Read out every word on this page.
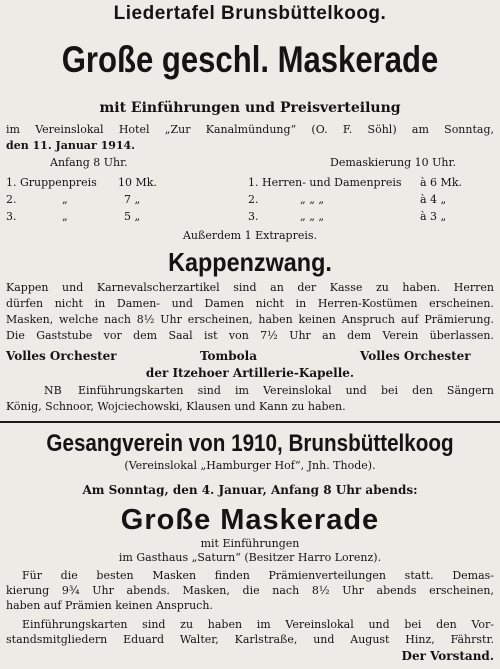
Liedertafel Brunsbüttelkoog.
Große geschl. Maskerade
mit Einführungen und Preisverteilung
im Vereinslokal Hotel „Zur Kanalmündung“ (O. F. Söhl) am Sonntag,
den 11. Januar 1914.
Anfang 8 Uhr.	Demaskierung 10 Uhr.
1. Gruppenpreis 10 Mk.
2.	„	7 „
3.	„	5 „
1. Herren- und Damenpreis à 6 Mk.
2.	„ „ „	à 4 „
3.	„ „ „	à 3 „
Außerdem 1 Extrapreis.
Kappenzwang.
Kappen und Karnevalscherzartikel sind an der Kasse zu haben. Herren
dürfen nicht in Damen- und Damen nicht in Herren-Kostümen erscheinen.
Masken, welche nach 8½ Uhr erscheinen, haben keinen Anspruch auf Prämierung.
Die Gaststube vor dem Saal ist von 7½ Uhr an dem Verein überlassen.
Volles Orchester	Tombola	Volles Orchester
der Itzehoer Artillerie-Kapelle.
NB Einführungskarten sind im Vereinslokal und bei den Sängern
König, Schnoor, Wojciechowski, Klausen und Kann zu haben.
Gesangverein von 1910, Brunsbüttelkoog
(Vereinslokal „Hamburger Hof“, Jnh. Thode).
Am Sonntag, den 4. Januar, Anfang 8 Uhr abends:
Große Maskerade
mit Einführungen
im Gasthaus „Saturn“ (Besitzer Harro Lorenz).
Für die besten Masken finden Prämienverteilungen statt. Demas-
kierung 9¾ Uhr abends. Masken, die nach 8½ Uhr abends erscheinen,
haben auf Prämien keinen Anspruch.
Einführungskarten sind zu haben im Vereinslokal und bei den Vor-
standsmitgliedern Eduard Walter, Karlstraße, und August Hinz, Fährstr.
Der Vorstand.
